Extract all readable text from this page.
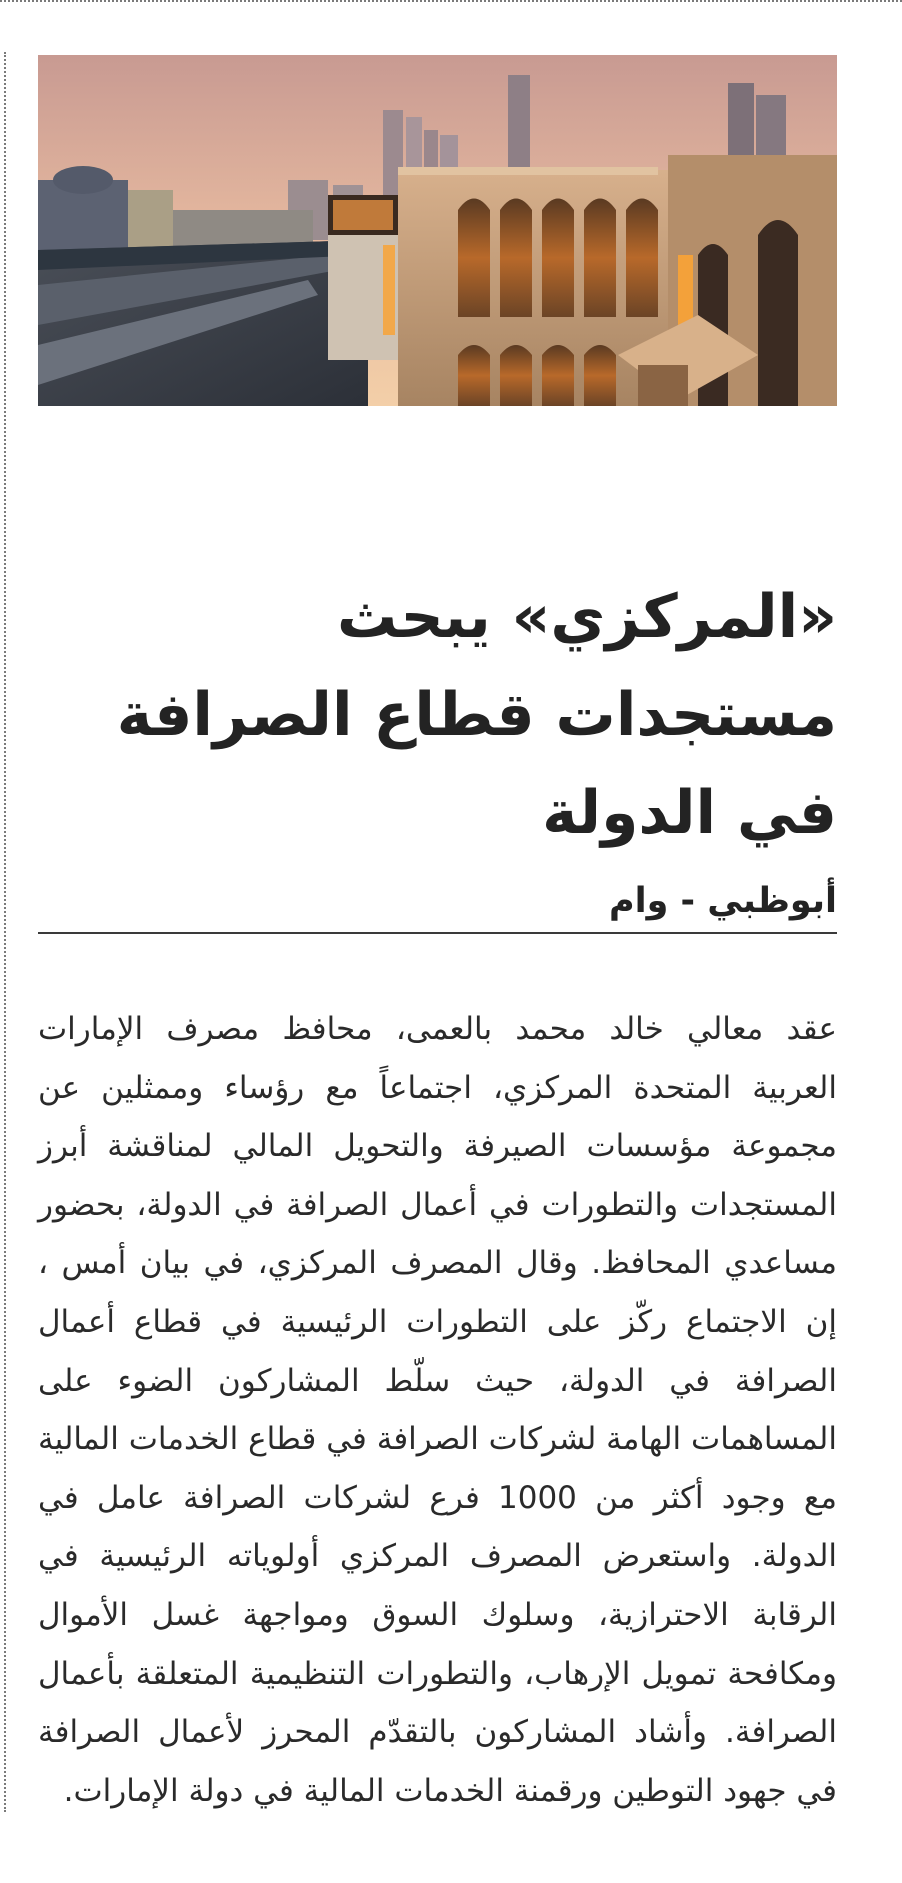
«المركزي» يبحث مستجدات قطاع الصرافة في الدولة
أبوظبي - وام
عقد معالي خالد محمد بالعمى، محافظ مصرف الإمارات العربية المتحدة المركزي، اجتماعاً مع رؤساء وممثلين عن مجموعة مؤسسات الصيرفة والتحويل المالي لمناقشة أبرز المستجدات والتطورات في أعمال الصرافة في الدولة، بحضور مساعدي المحافظ. وقال المصرف المركزي، في بيان أمس ، إن الاجتماع ركّز على التطورات الرئيسية في قطاع أعمال الصرافة في الدولة، حيث سلّط المشاركون الضوء على المساهمات الهامة لشركات الصرافة في قطاع الخدمات المالية مع وجود أكثر من 1000 فرع لشركات الصرافة عامل في الدولة. واستعرض المصرف المركزي أولوياته الرئيسية في الرقابة الاحترازية، وسلوك السوق ومواجهة غسل الأموال ومكافحة تمويل الإرهاب، والتطورات التنظيمية المتعلقة بأعمال الصرافة. وأشاد المشاركون بالتقدّم المحرز لأعمال الصرافة في جهود التوطين ورقمنة الخدمات المالية في دولة الإمارات.
